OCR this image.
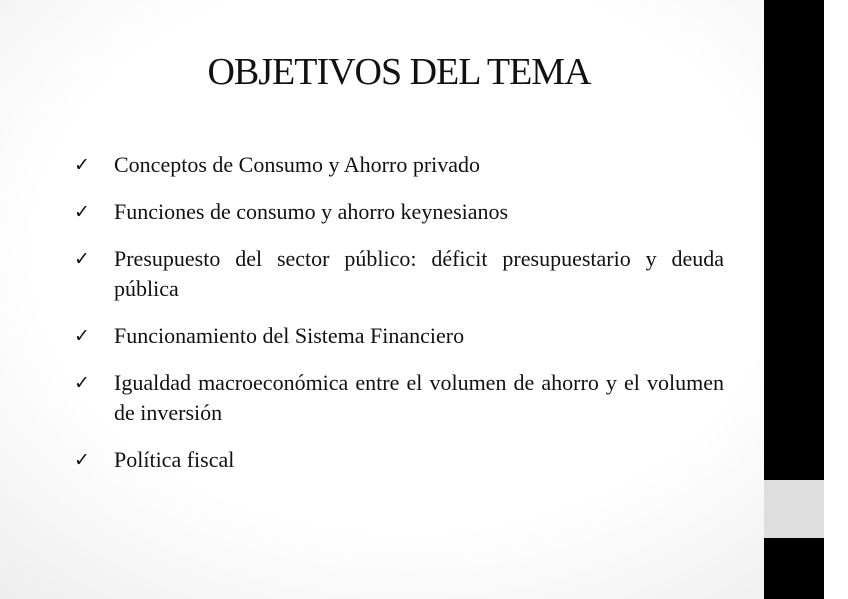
OBJETIVOS DEL TEMA
✓	Conceptos de Consumo y Ahorro privado
✓	Funciones de consumo y ahorro keynesianos
✓	Presupuesto del sector público: déficit presupuestario y deuda pública
✓	Funcionamiento del Sistema Financiero
✓	Igualdad macroeconómica entre el volumen de ahorro y el volumen de inversión
✓	Política fiscal
